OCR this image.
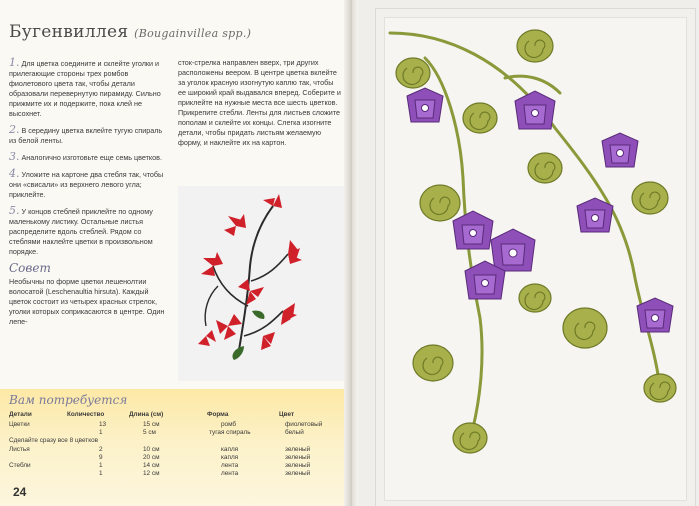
Бугенвиллея (Bougainvillea spp.)

1. Для цветка соедините и склейте уголки и прилегающие стороны трех ромбов фиолетового цвета так, чтобы детали образовали перевернутую пирамиду. Сильно прижмите их и подержите, пока клей не высохнет.

2. В середину цветка вклейте тугую спираль из белой ленты.

3. Аналогично изготовьте еще семь цветков.

4. Уложите на картоне два стебля так, чтобы они «свисали» из верхнего левого угла; приклейте.

5. У концов стеблей приклейте по одному маленькому листику. Остальные листья распределите вдоль стеблей. Рядом со стеблями наклейте цветки в произвольном порядке.

Совет

Необычны по форме цветки лешенолтии волосатой (Leschenaultia hirsuta). Каждый цветок состоит из четырех красных стрелок, уголки которых соприкасаются в центре. Один лепе-

сток-стрелка направлен вверх, три других расположены веером. В центре цветка вклейте за уголок красную изогнутую каплю так, чтобы ее широкий край выдавался вперед. Соберите и приклейте на нужные места все шесть цветков. Прикрепите стебли. Ленты для листьев сложите пополам и склейте их концы. Слегка изогните детали, чтобы придать листьям желаемую форму, и наклейте их на картон.

Вам потребуется
Детали	Количество	Длина (см)	Форма	Цвет
Цветки	13	15 см	ромб	фиолетовый
	1	5 см	тугая спираль	белый
Сделайте сразу все 8 цветков				
Листья	2	10 см	капля	зеленый
	9	20 см	капля	зеленый
Стебли	1	14 см	лента	зеленый
	1	12 см	лента	зеленый
24
